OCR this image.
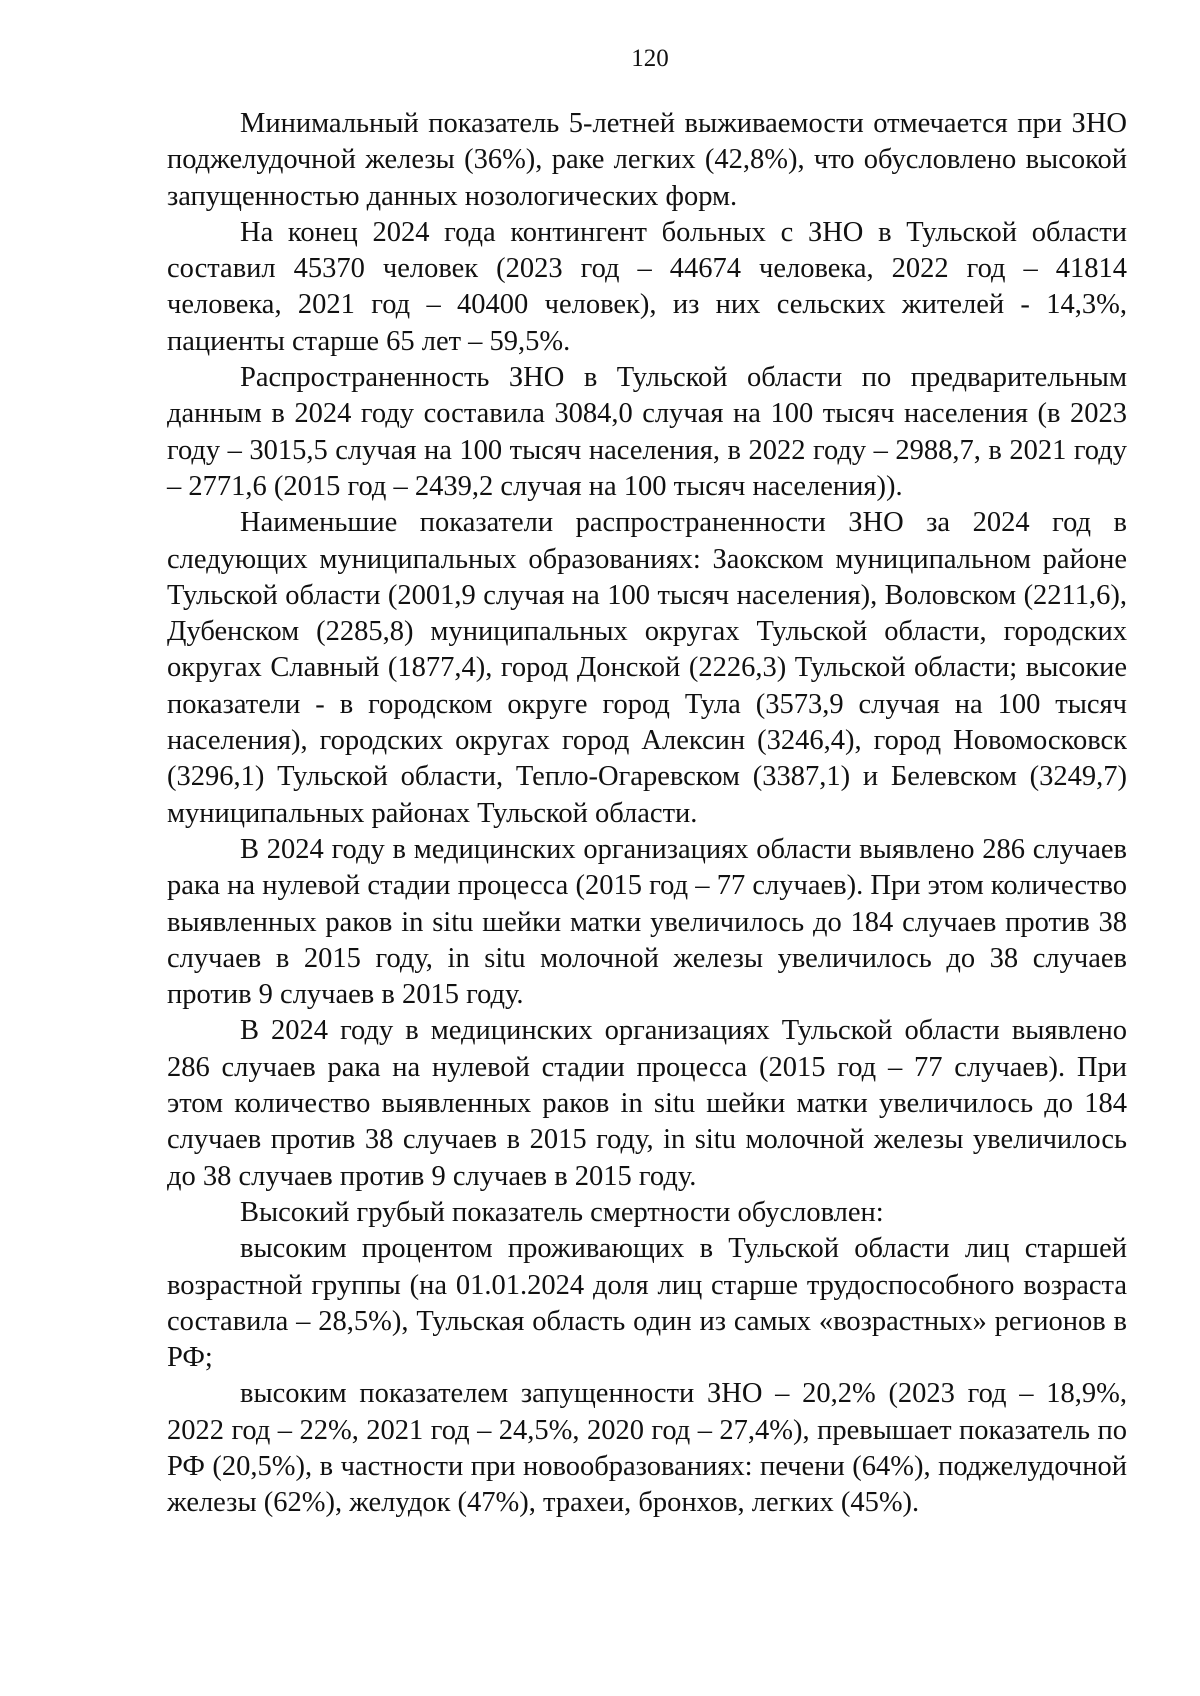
120

Минимальный показатель 5-летней выживаемости отмечается при ЗНО поджелудочной железы (36%), раке легких (42,8%), что обусловлено высокой запущенностью данных нозологических форм.

На конец 2024 года контингент больных с ЗНО в Тульской области составил 45370 человек (2023 год – 44674 человека, 2022 год – 41814 человека, 2021 год – 40400 человек), из них сельских жителей - 14,3%, пациенты старше 65 лет – 59,5%.

Распространенность ЗНО в Тульской области по предварительным данным в 2024 году составила 3084,0 случая на 100 тысяч населения (в 2023 году – 3015,5 случая на 100 тысяч населения, в 2022 году – 2988,7, в 2021 году – 2771,6 (2015 год – 2439,2 случая на 100 тысяч населения)).

Наименьшие показатели распространенности ЗНО за 2024 год в следующих муниципальных образованиях: Заокском муниципальном районе Тульской области (2001,9 случая на 100 тысяч населения), Воловском (2211,6), Дубенском (2285,8) муниципальных округах Тульской области, городских округах Славный (1877,4), город Донской (2226,3) Тульской области; высокие показатели - в городском округе город Тула (3573,9 случая на 100 тысяч населения), городских округах город Алексин (3246,4), город Новомосковск (3296,1) Тульской области, Тепло-Огаревском (3387,1) и Белевском (3249,7) муниципальных районах Тульской области.

В 2024 году в медицинских организациях области выявлено 286 случаев рака на нулевой стадии процесса (2015 год – 77 случаев). При этом количество выявленных раков in situ шейки матки увеличилось до 184 случаев против 38 случаев в 2015 году, in situ молочной железы увеличилось до 38 случаев против 9 случаев в 2015 году.

В 2024 году в медицинских организациях Тульской области выявлено 286 случаев рака на нулевой стадии процесса (2015 год – 77 случаев). При этом количество выявленных раков in situ шейки матки увеличилось до 184 случаев против 38 случаев в 2015 году, in situ молочной железы увеличилось до 38 случаев против 9 случаев в 2015 году.

Высокий грубый показатель смертности обусловлен:

высоким процентом проживающих в Тульской области лиц старшей возрастной группы (на 01.01.2024 доля лиц старше трудоспособного возраста составила – 28,5%), Тульская область один из самых «возрастных» регионов в РФ;

высоким показателем запущенности ЗНО – 20,2% (2023 год – 18,9%, 2022 год – 22%, 2021 год – 24,5%, 2020 год – 27,4%), превышает показатель по РФ (20,5%), в частности при новообразованиях: печени (64%), поджелудочной железы (62%), желудок (47%), трахеи, бронхов, легких (45%).
